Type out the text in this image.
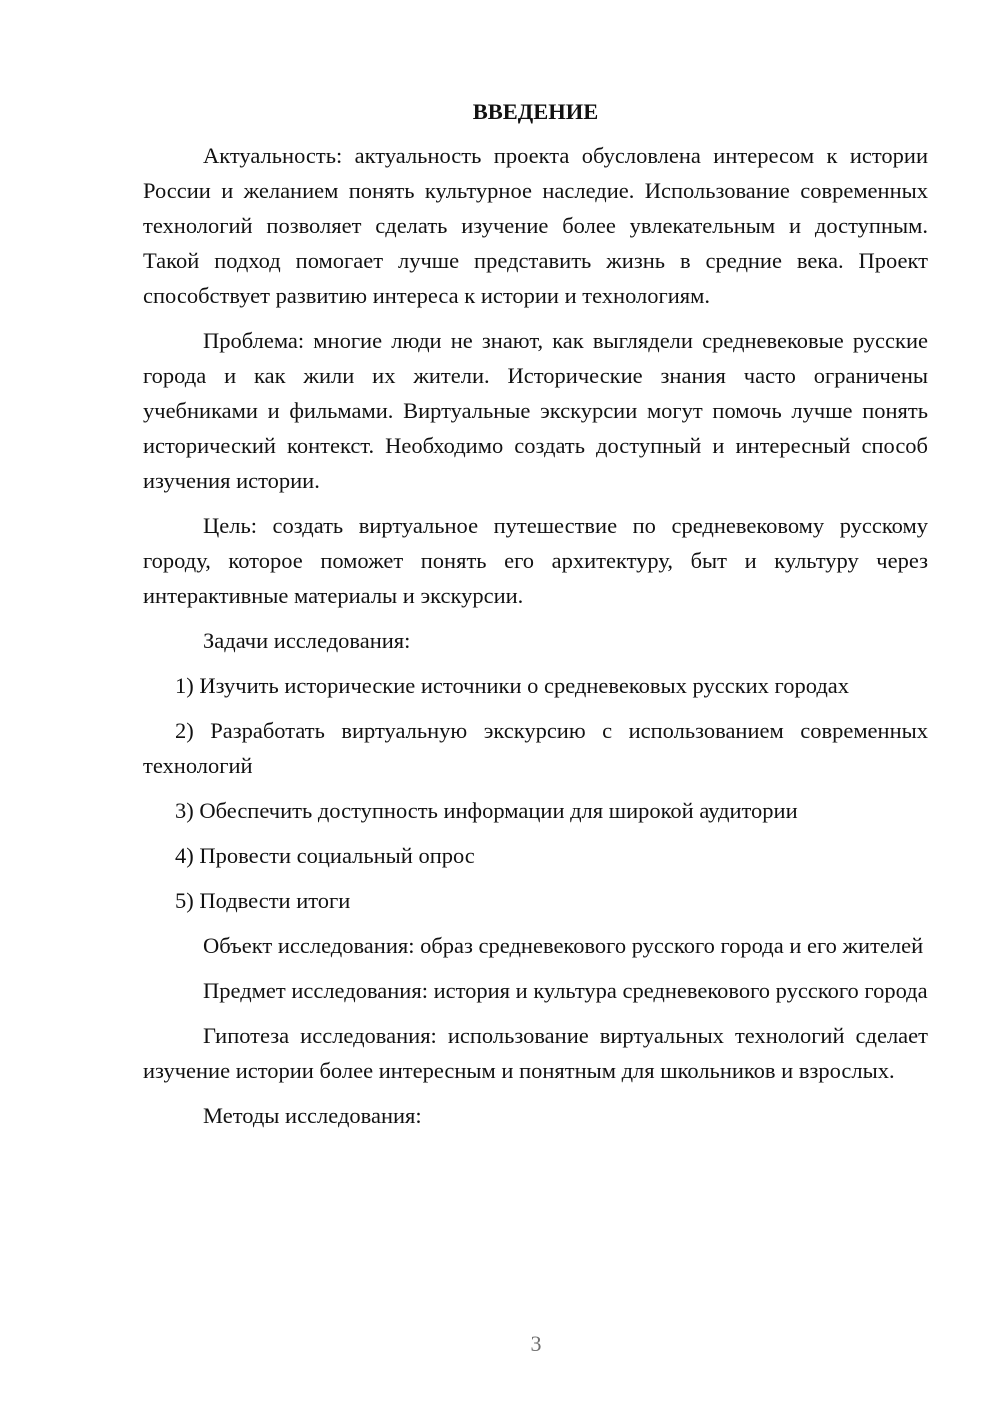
ВВЕДЕНИЕ

Актуальность: актуальность проекта обусловлена интересом к истории России и желанием понять культурное наследие. Использование современных технологий позволяет сделать изучение более увлекательным и доступным. Такой подход помогает лучше представить жизнь в средние века. Проект способствует развитию интереса к истории и технологиям.

Проблема: многие люди не знают, как выглядели средневековые русские города и как жили их жители. Исторические знания часто ограничены учебниками и фильмами. Виртуальные экскурсии могут помочь лучше понять исторический контекст. Необходимо создать доступный и интересный способ изучения истории.

Цель: создать виртуальное путешествие по средневековому русскому городу, которое поможет понять его архитектуру, быт и культуру через интерактивные материалы и экскурсии.

Задачи исследования:

1) Изучить исторические источники о средневековых русских городах

2) Разработать виртуальную экскурсию с использованием современных технологий

3) Обеспечить доступность информации для широкой аудитории

4) Провести социальный опрос

5) Подвести итоги

Объект исследования: образ средневекового русского города и его жителей

Предмет исследования: история и культура средневекового русского города

Гипотеза исследования: использование виртуальных технологий сделает изучение истории более интересным и понятным для школьников и взрослых.

Методы исследования:

3
